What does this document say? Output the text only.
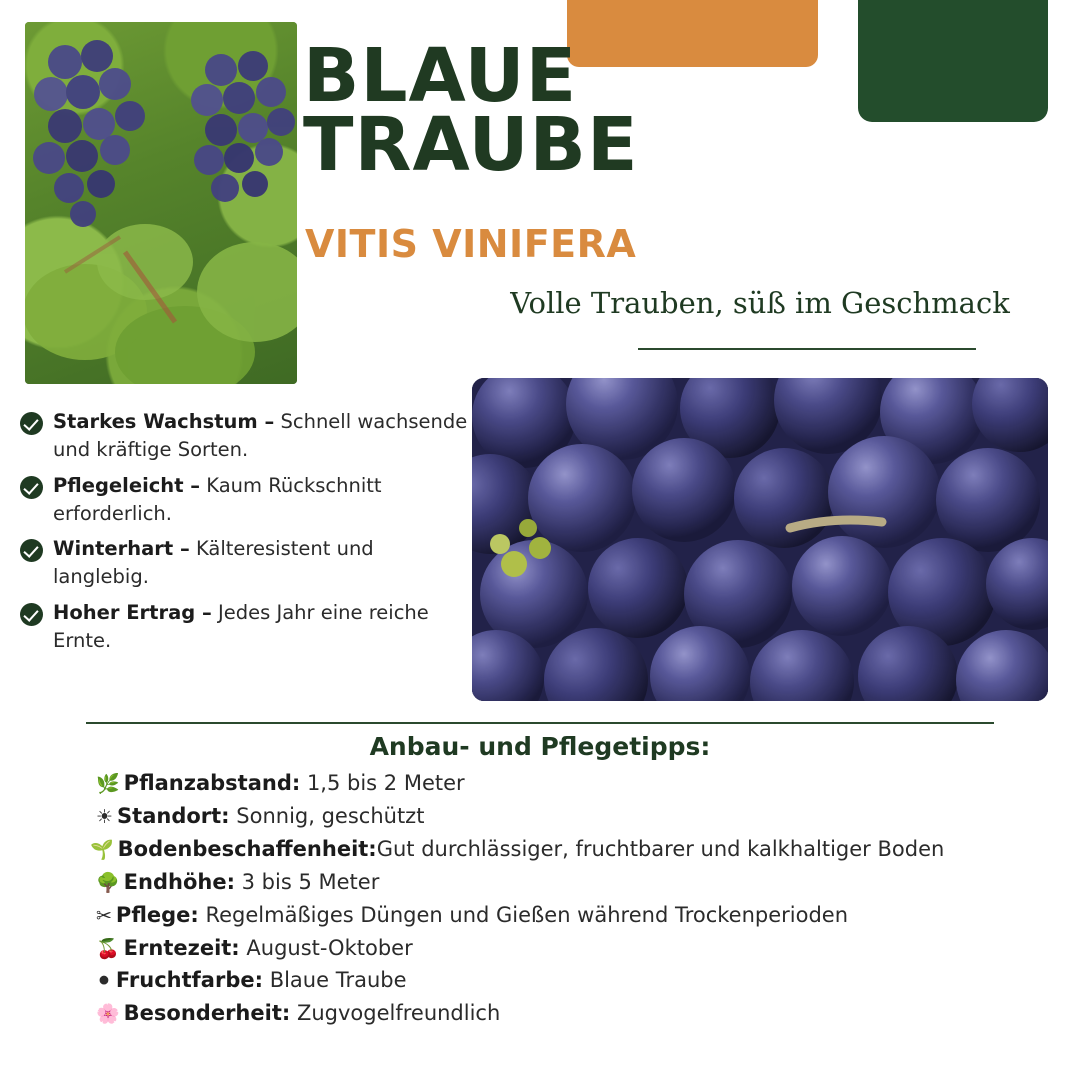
BLAUE
TRAUBE
VITIS VINIFERA
Volle Trauben, süß im Geschmack
Starkes Wachstum – Schnell wachsende und kräftige Sorten.
Pflegeleicht – Kaum Rückschnitt erforderlich.
Winterhart – Kälteresistent und langlebig.
Hoher Ertrag – Jedes Jahr eine reiche Ernte.
Anbau- und Pflegetipps:
🌿 Pflanzabstand: 1,5 bis 2 Meter
☀ Standort: Sonnig, geschützt
🌱 Bodenbeschaffenheit:Gut durchlässiger, fruchtbarer und kalkhaltiger Boden
🌳 Endhöhe: 3 bis 5 Meter
✂ Pflege: Regelmäßiges Düngen und Gießen während Trockenperioden
🍒 Erntezeit: August-Oktober
⚫ Fruchtfarbe: Blaue Traube
🌸 Besonderheit: Zugvogelfreundlich
